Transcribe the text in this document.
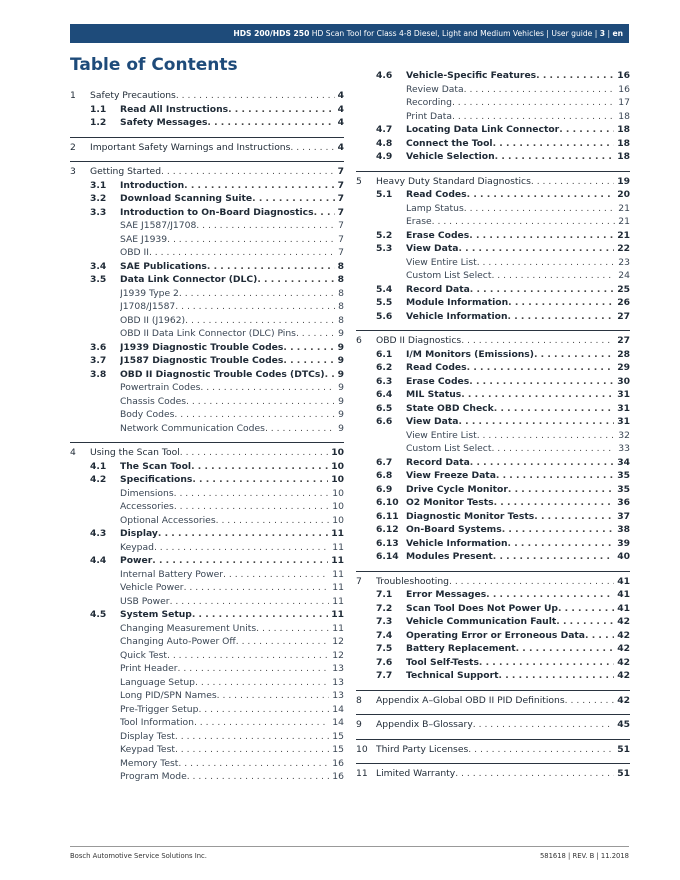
HDS 200/HDS 250 HD Scan Tool for Class 4-8 Diesel, Light and Medium Vehicles | User guide | 3 | en
Table of Contents
1 Safety Precautions . . .	4
1.1 Read All Instructions . . .	4
1.2 Safety Messages . . .	4
2 Important Safety Warnings and Instructions . . .	4
3 Getting Started . . .	7
3.1 Introduction . . .	7
3.2 Download Scanning Suite . . .	7
3.3 Introduction to On-Board Diagnostics . . .	7
SAE J1587/J1708 . . .	7
SAE J1939 . . .	7
OBD II . . .	7
3.4 SAE Publications . . .	8
3.5 Data Link Connector (DLC) . . .	8
J1939 Type 2 . . .	8
J1708/J1587 . . .	8
OBD II (J1962) . . .	8
OBD II Data Link Connector (DLC) Pins . . .	9
3.6 J1939 Diagnostic Trouble Codes . . .	9
3.7 J1587 Diagnostic Trouble Codes . . .	9
3.8 OBD II Diagnostic Trouble Codes (DTCs) . . .	9
Powertrain Codes . . .	9
Chassis Codes . . .	9
Body Codes . . .	9
Network Communication Codes . . .	9
4 Using the Scan Tool . . .	10
4.1 The Scan Tool . . .	10
4.2 Specifications . . .	10
Dimensions . . .	10
Accessories . . .	10
Optional Accessories . . .	10
4.3 Display . . .	11
Keypad . . .	11
4.4 Power . . .	11
Internal Battery Power . . .	11
Vehicle Power . . .	11
USB Power . . .	11
4.5 System Setup . . .	11
Changing Measurement Units . . .	11
Changing Auto-Power Off . . .	12
Quick Test . . .	12
Print Header . . .	13
Language Setup . . .	13
Long PID/SPN Names . . .	13
Pre-Trigger Setup . . .	14
Tool Information . . .	14
Display Test . . .	15
Keypad Test . . .	15
Memory Test . . .	16
Program Mode . . .	16
4.6 Vehicle-Specific Features . . .	16
Review Data . . .	16
Recording . . .	17
Print Data . . .	18
4.7 Locating Data Link Connector . . .	18
4.8 Connect the Tool . . .	18
4.9 Vehicle Selection . . .	18
5 Heavy Duty Standard Diagnostics . . .	19
5.1 Read Codes . . .	20
Lamp Status . . .	21
Erase . . .	21
5.2 Erase Codes . . .	21
5.3 View Data . . .	22
View Entire List . . .	23
Custom List Select . . .	24
5.4 Record Data . . .	25
5.5 Module Information . . .	26
5.6 Vehicle Information . . .	27
6 OBD II Diagnostics . . .	27
6.1 I/M Monitors (Emissions) . . .	28
6.2 Read Codes . . .	29
6.3 Erase Codes . . .	30
6.4 MIL Status . . .	31
6.5 State OBD Check . . .	31
6.6 View Data . . .	31
View Entire List . . .	32
Custom List Select . . .	33
6.7 Record Data . . .	34
6.8 View Freeze Data . . .	35
6.9 Drive Cycle Monitor . . .	35
6.10 O2 Monitor Tests . . .	36
6.11 Diagnostic Monitor Tests . . .	37
6.12 On-Board Systems . . .	38
6.13 Vehicle Information . . .	39
6.14 Modules Present . . .	40
7 Troubleshooting . . .	41
7.1 Error Messages . . .	41
7.2 Scan Tool Does Not Power Up . . .	41
7.3 Vehicle Communication Fault . . .	42
7.4 Operating Error or Erroneous Data . . .	42
7.5 Battery Replacement . . .	42
7.6 Tool Self-Tests . . .	42
7.7 Technical Support . . .	42
8 Appendix A–Global OBD II PID Definitions . . .	42
9 Appendix B–Glossary . . .	45
10 Third Party Licenses . . .	51
11 Limited Warranty . . .	51
Bosch Automotive Service Solutions Inc.	581618 | REV. B | 11.2018
